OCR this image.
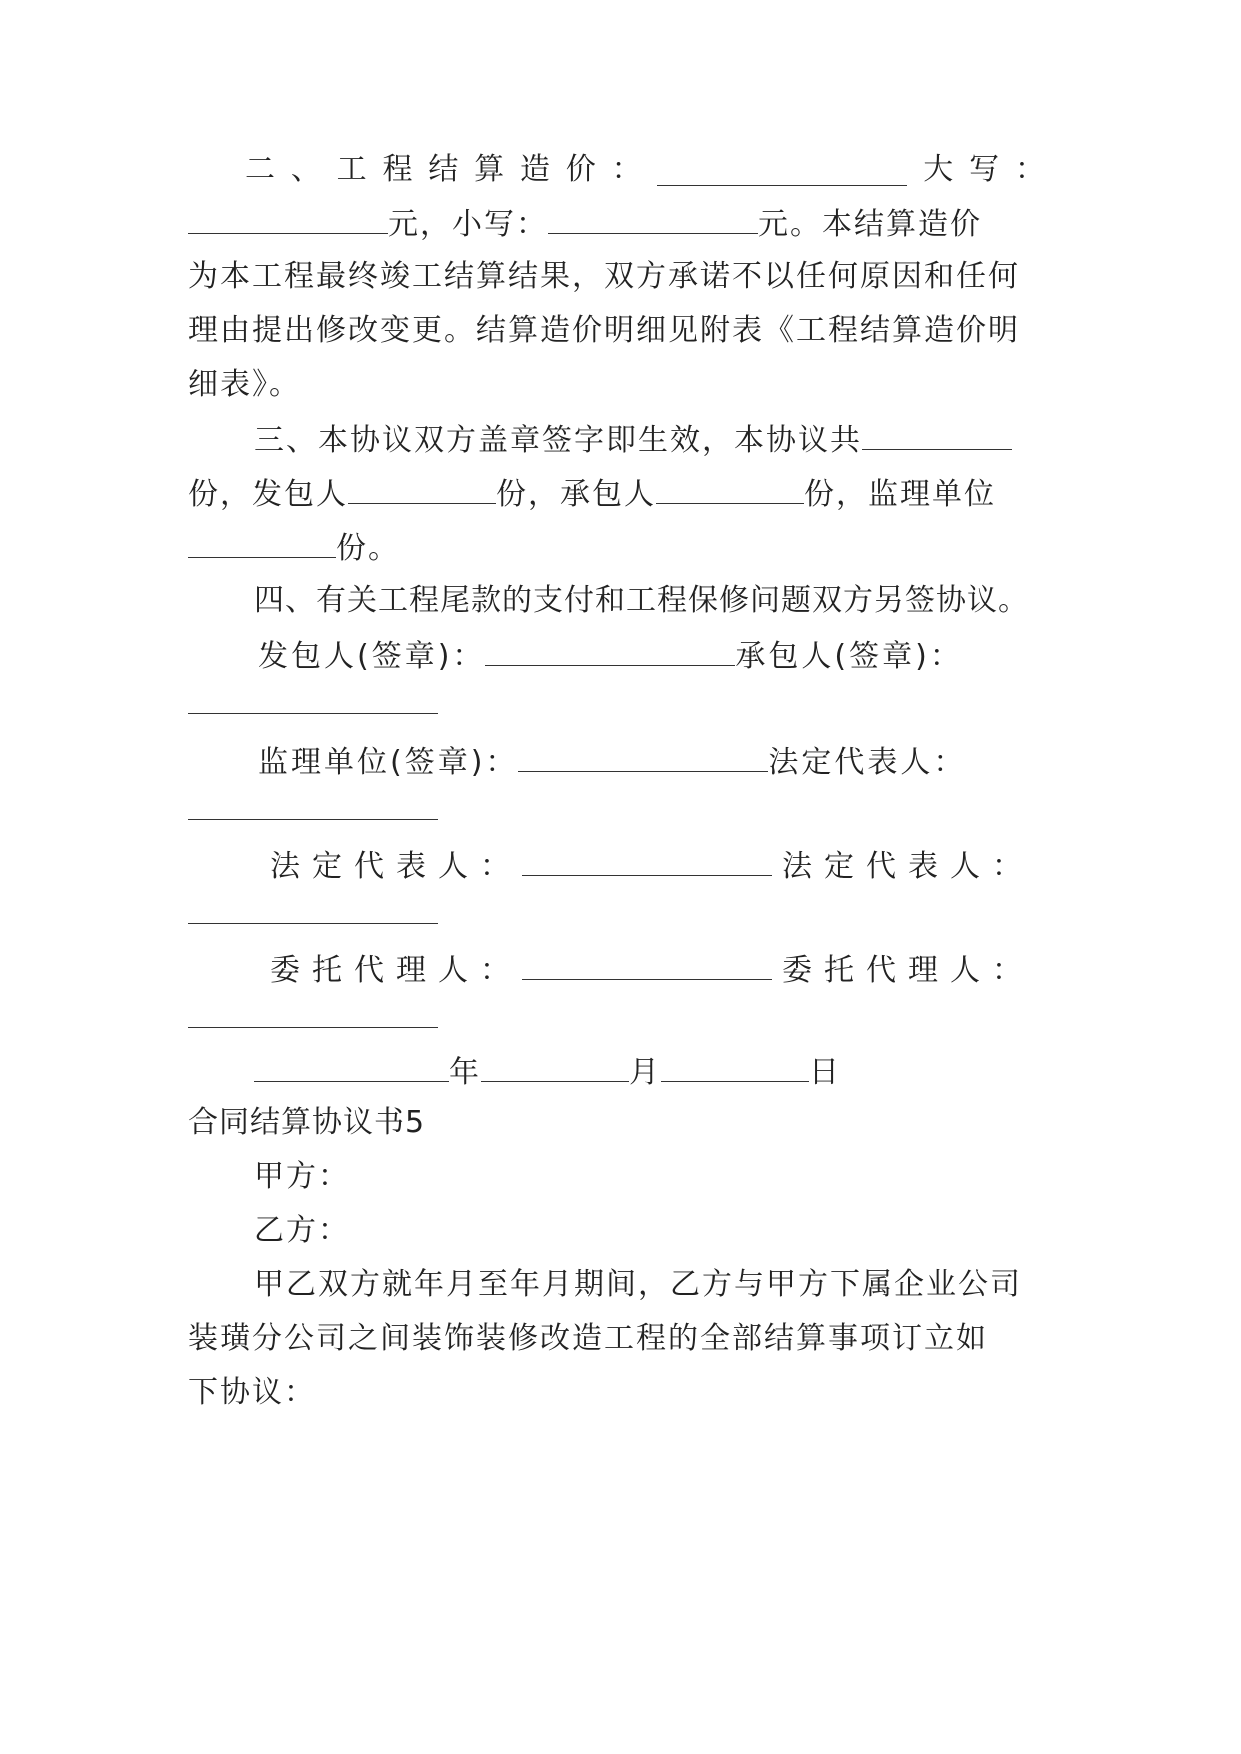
二 、 工 程 结 算 造 价 ：	大 写 ：
元，小写：	元。本结算造价
为本工程最终竣工结算结果，双方承诺不以任何原因和任何
理由提出修改变更。结算造价明细见附表《工程结算造价明
细表》。
三、本协议双方盖章签字即生效，本协议共
份，发包人	份，承包人	份，监理单位
份。
四、有关工程尾款的支付和工程保修问题双方另签协议。
发包人(签章)：	承包人(签章)：
监理单位(签章)：	法定代表人：
法定代表人：	法定代表人：
委托代理人：	委托代理人：
年	月	日
合同结算协议书5
甲方：
乙方：
甲乙双方就年月至年月期间，乙方与甲方下属企业公司
装璜分公司之间装饰装修改造工程的全部结算事项订立如
下协议：
